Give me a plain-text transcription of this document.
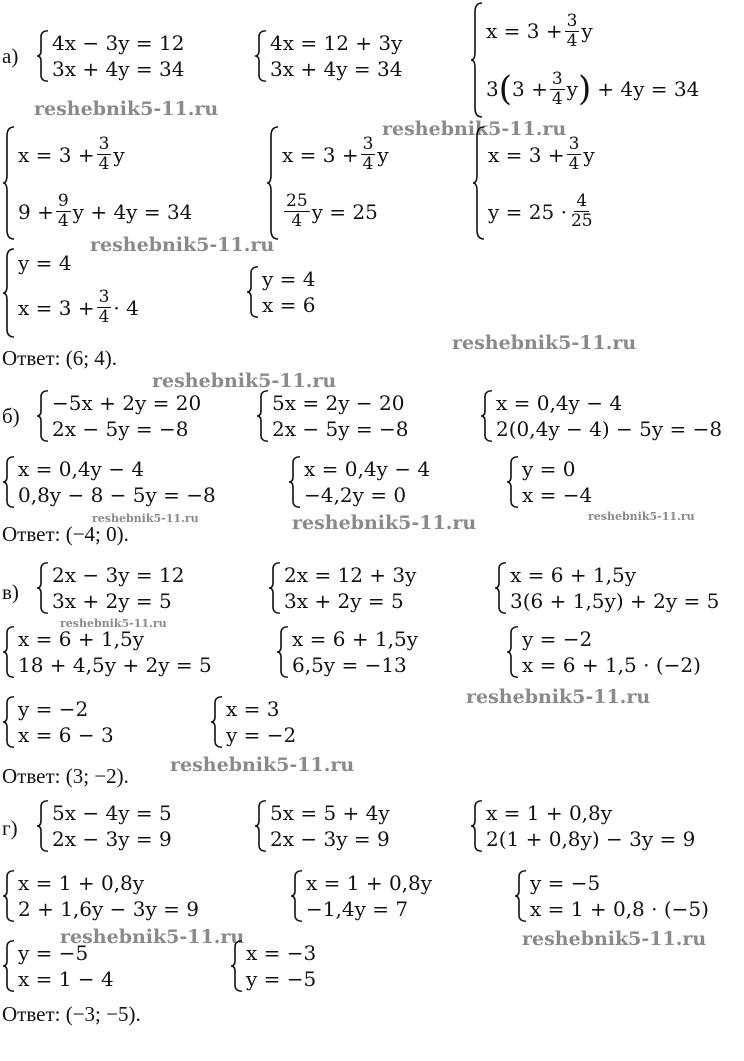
а)
4x − 3y = 12
3x + 4y = 34
4x = 12 + 3y
3x + 4y = 34
$x = 3 + \frac{3}{4}$ y
3 ( $3 + \frac{3}{4}$ y ) + 4y = 34
reshebnik5-11.ru
reshebnik5-11.ru
$x = 3 + \frac{3}{4}$ y
$9 + \frac{9}{4}$ y + 4y = 34
$x = 3 + \frac{3}{4}$ y
$\frac{25}{4}$ y = 25
$x = 3 + \frac{3}{4}$ y
$y = 25 \cdot \frac{4}{25}$
reshebnik5-11.ru
y = 4
$x = 3 + \frac{3}{4} \cdot 4$
y = 4
x = 6
reshebnik5-11.ru
Ответ: (6; 4).
reshebnik5-11.ru
б)
−5x + 2y = 20
2x − 5y = −8
5x = 2y − 20
2x − 5y = −8
x = 0,4y − 4
2(0,4y − 4) − 5y = −8
x = 0,4y − 4
0,8y − 8 − 5y = −8
x = 0,4y − 4
−4,2y = 0
y = 0
x = −4
reshebnik5-11.ru	reshebnik5-11.ru	reshebnik5-11.ru
Ответ: (−4; 0).
в)
2x − 3y = 12
3x + 2y = 5
2x = 12 + 3y
3x + 2y = 5
x = 6 + 1,5y
3(6 + 1,5y) + 2y = 5
reshebnik5-11.ru
x = 6 + 1,5y
18 + 4,5y + 2y = 5
x = 6 + 1,5y
6,5y = −13
y = −2
x = 6 + 1,5 · (−2)
reshebnik5-11.ru
y = −2
x = 6 − 3
x = 3
y = −2
reshebnik5-11.ru
Ответ: (3; −2).
г)
5x − 4y = 5
2x − 3y = 9
5x = 5 + 4y
2x − 3y = 9
x = 1 + 0,8y
2(1 + 0,8y) − 3y = 9
x = 1 + 0,8y
2 + 1,6y − 3y = 9
x = 1 + 0,8y
−1,4y = 7
y = −5
x = 1 + 0,8 · (−5)
reshebnik5-11.ru	reshebnik5-11.ru
y = −5
x = 1 − 4
x = −3
y = −5
Ответ: (−3; −5).
